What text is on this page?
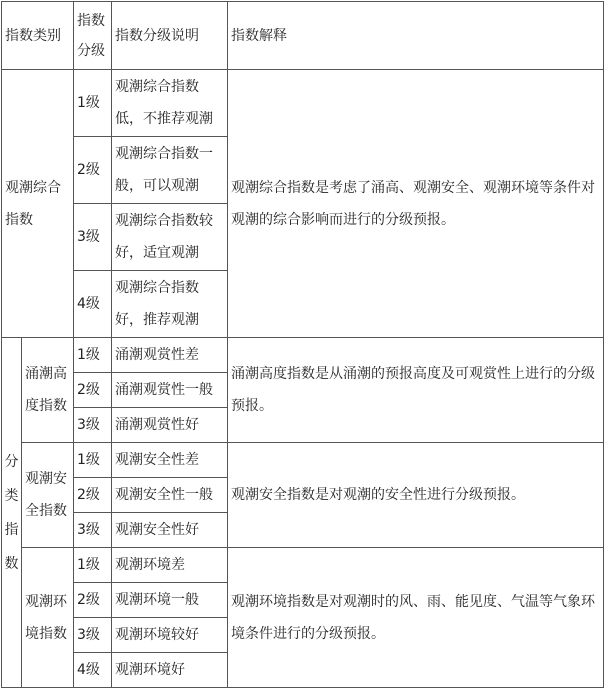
指数类别		指数分级	指数分级说明	指数解释
观潮综合指数		1级	观潮综合指数低，不推荐观潮	观潮综合指数是考虑了涌高、观潮安全、观潮环境等条件对观潮的综合影响而进行的分级预报。
		2级	观潮综合指数一般，可以观潮	
		3级	观潮综合指数较好，适宜观潮	
		4级	观潮综合指数好，推荐观潮	
分类指数	涌潮高度指数	1级	涌潮观赏性差	涌潮高度指数是从涌潮的预报高度及可观赏性上进行的分级预报。
		2级	涌潮观赏性一般	
		3级	涌潮观赏性好	
	观潮安全指数	1级	观潮安全性差	观潮安全指数是对观潮的安全性进行分级预报。
		2级	观潮安全性一般	
		3级	观潮安全性好	
	观潮环境指数	1级	观潮环境差	观潮环境指数是对观潮时的风、雨、能见度、气温等气象环境条件进行的分级预报。
		2级	观潮环境一般	
		3级	观潮环境较好	
		4级	观潮环境好	
